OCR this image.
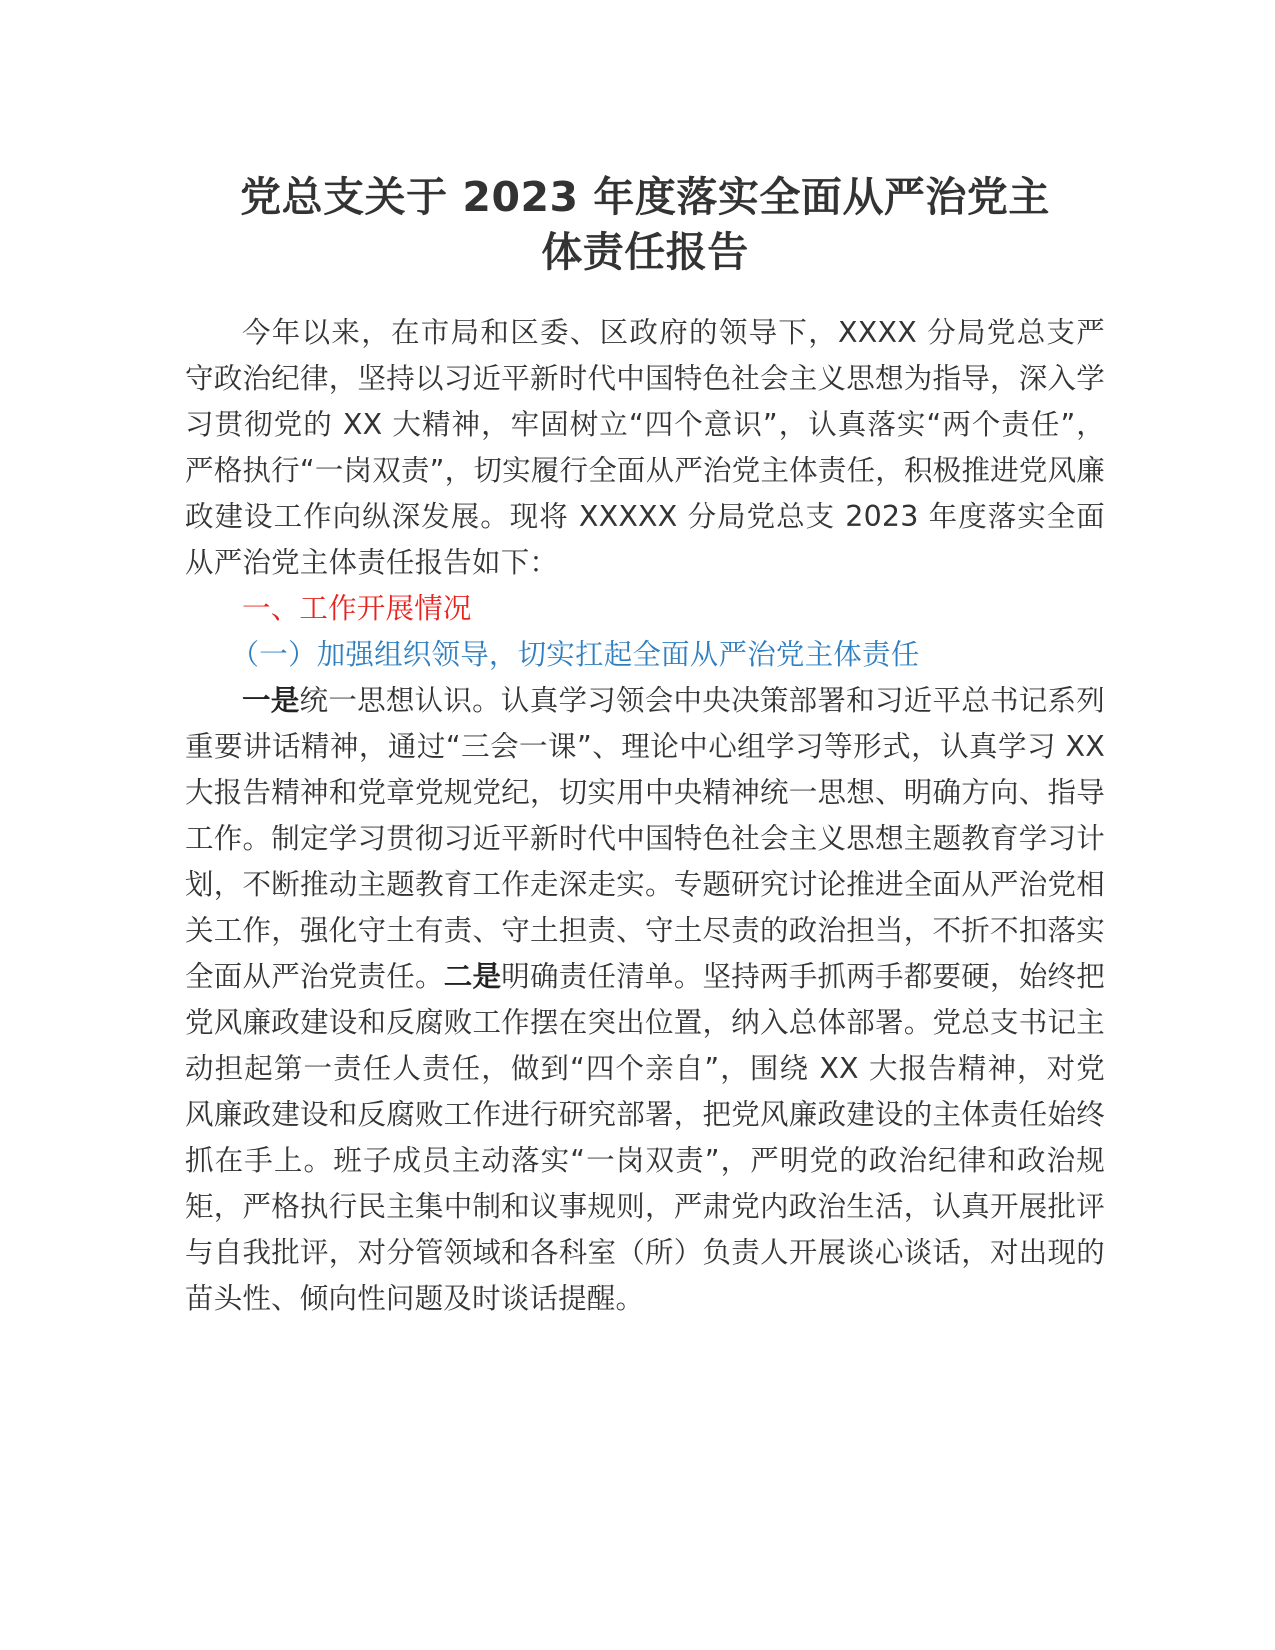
党总支关于 2023 年度落实全面从严治党主
体责任报告

今年以来，在市局和区委、区政府的领导下，XXXX 分局党总支严守政治纪律，坚持以习近平新时代中国特色社会主义思想为指导，深入学习贯彻党的 XX 大精神，牢固树立“四个意识”，认真落实“两个责任”，严格执行“一岗双责”，切实履行全面从严治党主体责任，积极推进党风廉政建设工作向纵深发展。现将 XXXXX 分局党总支 2023 年度落实全面从严治党主体责任报告如下：

一、工作开展情况

（一）加强组织领导，切实扛起全面从严治党主体责任

一是统一思想认识。认真学习领会中央决策部署和习近平总书记系列重要讲话精神，通过“三会一课”、理论中心组学习等形式，认真学习 XX 大报告精神和党章党规党纪，切实用中央精神统一思想、明确方向、指导工作。制定学习贯彻习近平新时代中国特色社会主义思想主题教育学习计划，不断推动主题教育工作走深走实。专题研究讨论推进全面从严治党相关工作，强化守土有责、守土担责、守土尽责的政治担当，不折不扣落实全面从严治党责任。二是明确责任清单。坚持两手抓两手都要硬，始终把党风廉政建设和反腐败工作摆在突出位置，纳入总体部署。党总支书记主动担起第一责任人责任，做到“四个亲自”，围绕 XX 大报告精神，对党风廉政建设和反腐败工作进行研究部署，把党风廉政建设的主体责任始终抓在手上。班子成员主动落实“一岗双责”，严明党的政治纪律和政治规矩，严格执行民主集中制和议事规则，严肃党内政治生活，认真开展批评与自我批评，对分管领域和各科室（所）负责人开展谈心谈话，对出现的苗头性、倾向性问题及时谈话提醒。
